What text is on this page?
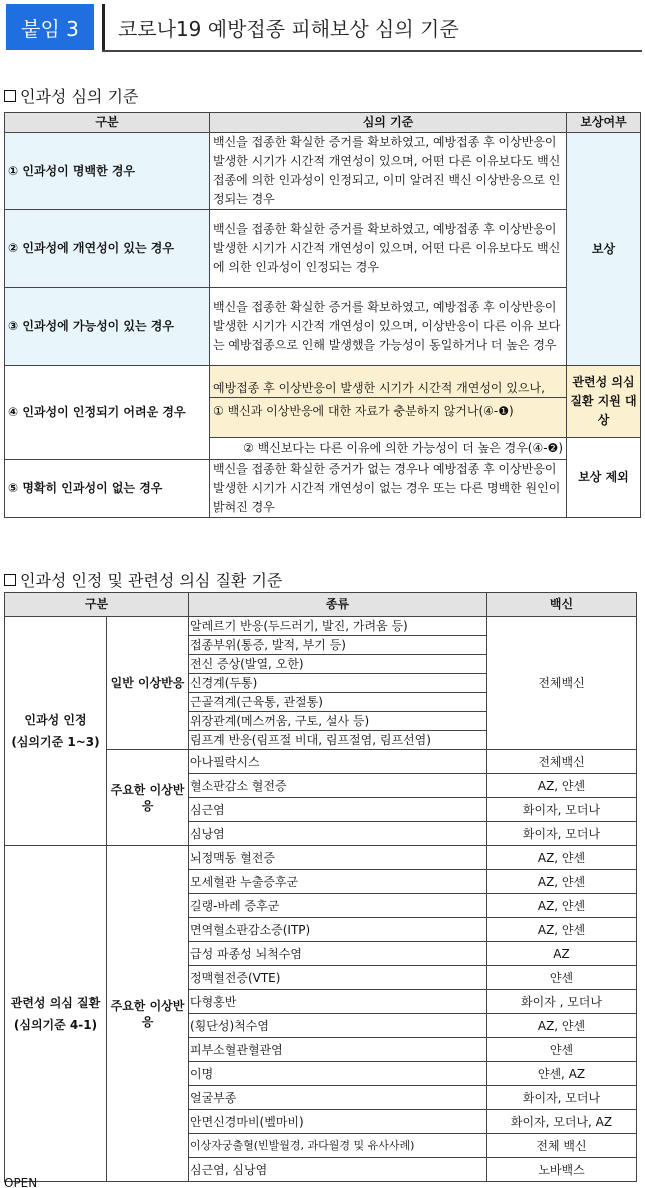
붙임 3	코로나19 예방접종 피해보상 심의 기준
인과성 심의 기준
구분	심의 기준	보상여부
① 인과성이 명백한 경우	백신을 접종한 확실한 증거를 확보하였고, 예방접종 후 이상반응이 발생한 시기가 시간적 개연성이 있으며, 어떤 다른 이유보다도 백신 접종에 의한 인과성이 인정되고, 이미 알려진 백신 이상반응으로 인정되는 경우	보상
② 인과성에 개연성이 있는 경우	백신을 접종한 확실한 증거를 확보하였고, 예방접종 후 이상반응이 발생한 시기가 시간적 개연성이 있으며, 어떤 다른 이유보다도 백신에 의한 인과성이 인정되는 경우	
③ 인과성에 가능성이 있는 경우	백신을 접종한 확실한 증거를 확보하였고, 예방접종 후 이상반응이 발생한 시기가 시간적 개연성이 있으며, 이상반응이 다른 이유 보다는 예방접종으로 인해 발생했을 가능성이 동일하거나 더 높은 경우	
④ 인과성이 인정되기 어려운 경우	예방접종 후 이상반응이 발생한 시기가 시간적 개연성이 있으나,
① 백신과 이상반응에 대한 자료가 충분하지 않거나(④-❶)	관련성 의심 질환 지원 대상
	② 백신보다는 다른 이유에 의한 가능성이 더 높은 경우(④-❷)	보상 제외
⑤ 명확히 인과성이 없는 경우	백신을 접종한 확실한 증거가 없는 경우나 예방접종 후 이상반응이 발생한 시기가 시간적 개연성이 없는 경우 또는 다른 명백한 원인이 밝혀진 경우	
인과성 인정 및 관련성 의심 질환 기준
구분		종류	백신

인과성 인정
(심의기준 1~3)	일반 이상반응	알레르기 반응(두드러기, 발진, 가려움 등)	전체백신
		접종부위(통증, 발적, 부기 등)	
		전신 증상(발열, 오한)	
		신경계(두통)	
		근골격계(근육통, 관절통)	
		위장관계(메스꺼움, 구토, 설사 등)	
		림프계 반응(림프절 비대, 림프절염, 림프선염)	
	주요한 이상반응	아나필락시스	전체백신
		혈소판감소 혈전증	AZ, 얀센
		심근염	화이자, 모더나
		심낭염	화이자, 모더나

관련성 의심 질환
(심의기준 4-1)	주요한 이상반응	뇌정맥동 혈전증	AZ, 얀센
		모세혈관 누출증후군	AZ, 얀센
		길랭-바레 증후군	AZ, 얀센
		면역혈소판감소증(ITP)	AZ, 얀센
		급성 파종성 뇌척수염	AZ
		정맥혈전증(VTE)	얀센
		다형홍반	화이자 , 모더나
		(횡단성)척수염	AZ, 얀센
		피부소혈관혈관염	얀센
		이명	얀센, AZ
		얼굴부종	화이자, 모더나
		안면신경마비(벨마비)	화이자, 모더나, AZ
		이상자궁출혈(빈발월경, 과다월경 및 유사사례)	전체 백신
		심근염, 심낭염	노바백스
OPEN
